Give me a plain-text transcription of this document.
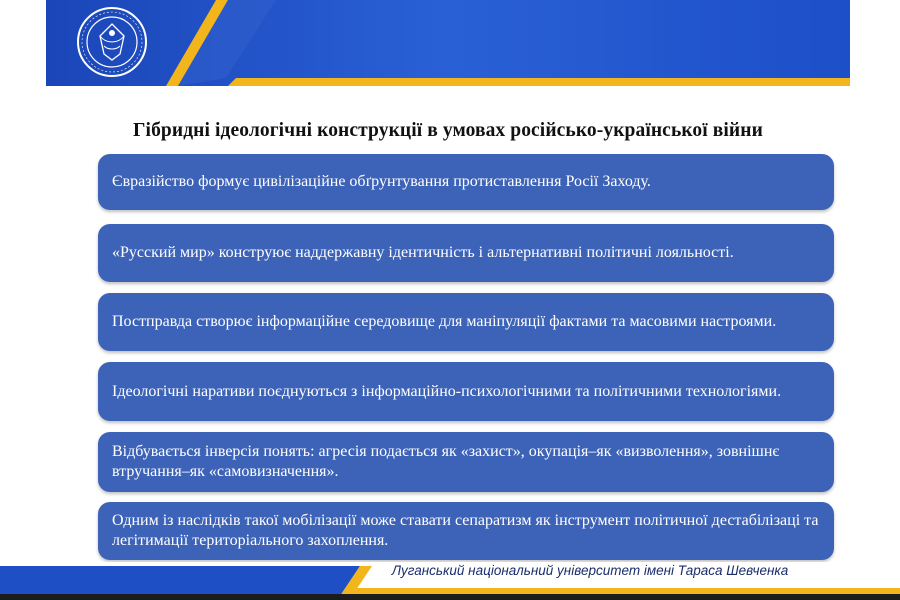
Гібридні ідеологічні конструкції в умовах російсько-української війни
Євразійство формує цивілізаційне обґрунтування протиставлення Росії Заходу.
«Русский мир» конструює наддержавну ідентичність і альтернативні політичні лояльності.
Постправда створює інформаційне середовище для маніпуляції фактами та масовими настроями.
Ідеологічні наративи поєднуються з інформаційно-психологічними та політичними технологіями.
Відбувається інверсія понять: агресія подається як «захист», окупація–як «визволення», зовнішнє втручання–як «самовизначення».
Одним із наслідків такої мобілізації може ставати сепаратизм як інструмент політичної дестабілізаці та легітимації територіального захоплення.
Луганський національний університет імені Тараса Шевченка
